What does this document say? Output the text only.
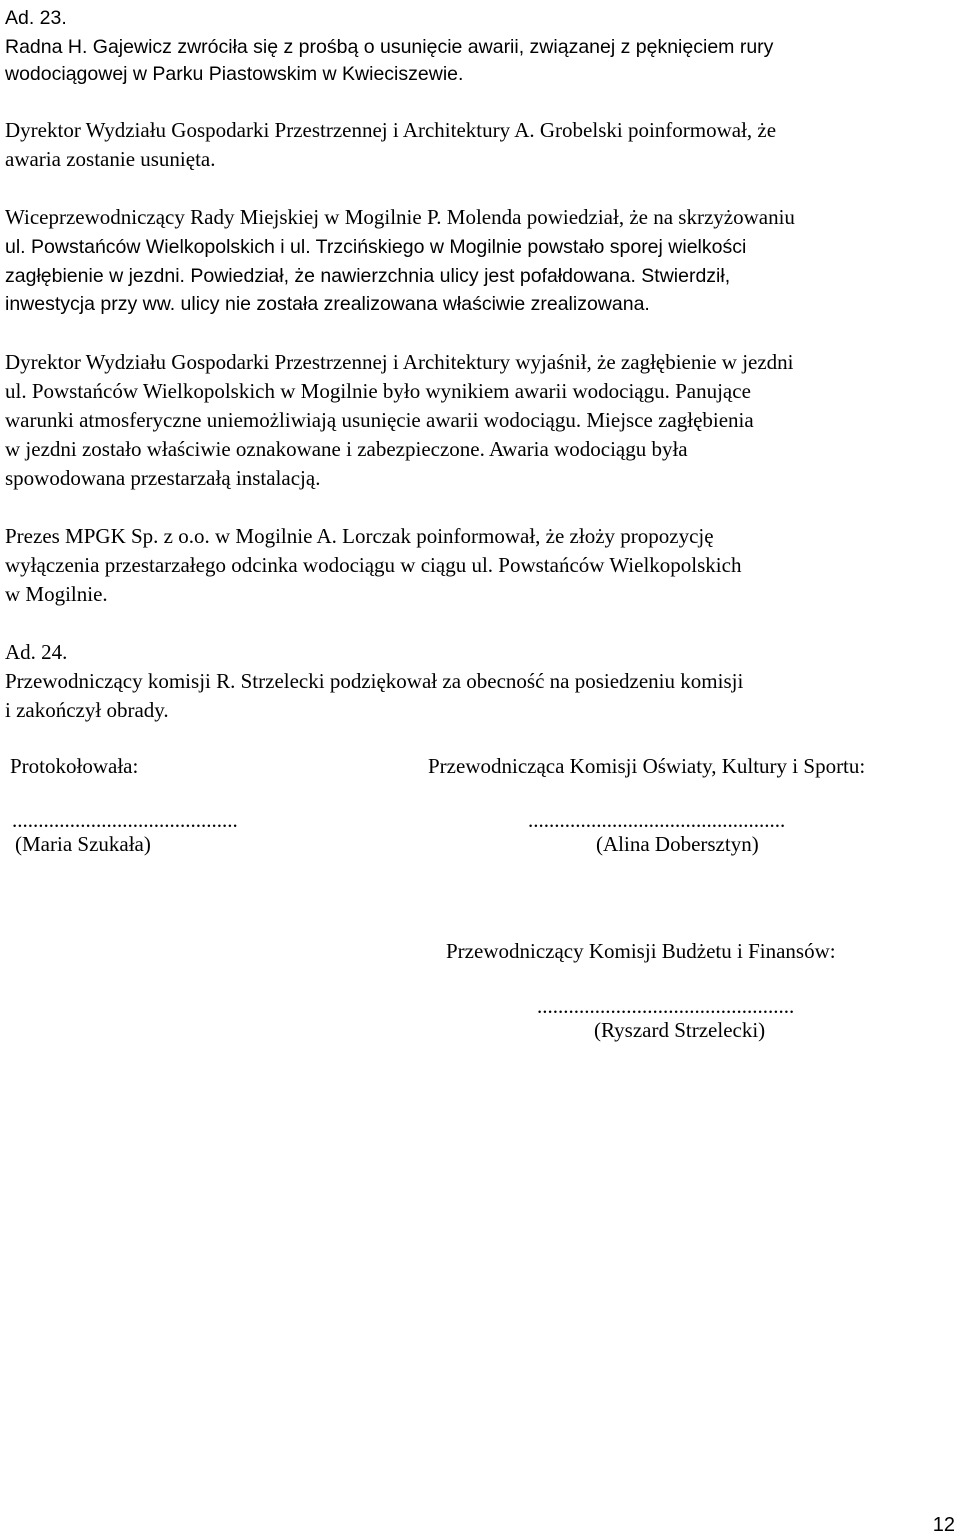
Ad. 23.
Radna H. Gajewicz zwróciła się z prośbą o usunięcie awarii, związanej z pęknięciem rury
wodociągowej w Parku Piastowskim w Kwieciszewie.
Dyrektor Wydziału Gospodarki Przestrzennej i Architektury A. Grobelski poinformował, że
awaria zostanie usunięta.
Wiceprzewodniczący Rady Miejskiej w Mogilnie P. Molenda powiedział, że na skrzyżowaniu
ul. Powstańców Wielkopolskich i ul. Trzcińskiego w Mogilnie powstało sporej wielkości
zagłębienie w jezdni. Powiedział, że nawierzchnia ulicy jest pofałdowana. Stwierdził,
inwestycja przy ww. ulicy nie została zrealizowana właściwie zrealizowana.
Dyrektor Wydziału Gospodarki Przestrzennej i Architektury wyjaśnił, że zagłębienie w jezdni
ul. Powstańców Wielkopolskich w Mogilnie było wynikiem awarii wodociągu. Panujące
warunki atmosferyczne uniemożliwiają usunięcie awarii wodociągu. Miejsce zagłębienia
w jezdni zostało właściwie oznakowane i zabezpieczone. Awaria wodociągu była
spowodowana przestarzałą instalacją.
Prezes MPGK Sp. z o.o. w Mogilnie A. Lorczak poinformował, że złoży propozycję
wyłączenia przestarzałego odcinka wodociągu w ciągu ul. Powstańców Wielkopolskich
w Mogilnie.
Ad. 24.
Przewodniczący komisji R. Strzelecki podziękował za obecność na posiedzeniu komisji
i zakończył obrady.
Protokołowała:	Przewodnicząca Komisji Oświaty, Kultury i Sportu:
...........................................	.................................................
(Maria Szukała)	(Alina Dobersztyn)
Przewodniczący Komisji Budżetu i Finansów:
.................................................
(Ryszard Strzelecki)
12
